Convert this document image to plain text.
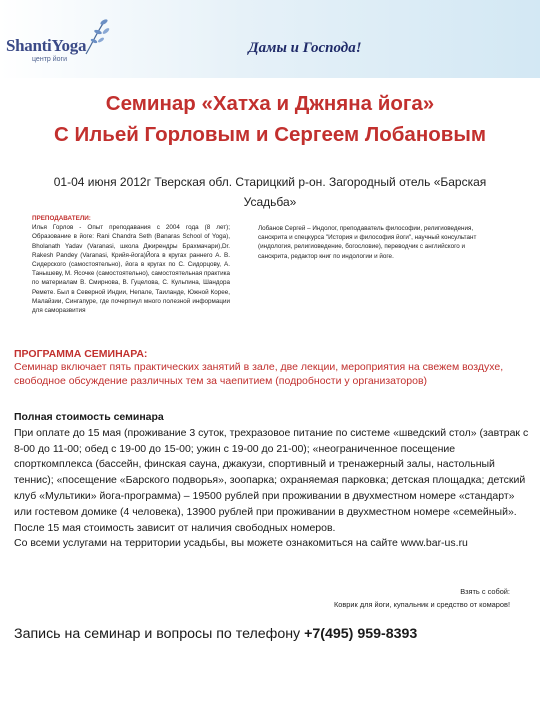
ShantiYoga
центр йоги
Дамы и Господа!
Семинар «Хатха и Джняна йога»
С Ильей Горловым и Сергеем Лобановым
01-04 июня 2012г Тверская обл. Старицкий р-он. Загородный отель «Барская Усадьба»
ПРЕПОДАВАТЕЛИ:
Илья Горлов - Опыт преподавания с 2004 года (8 лет); Образование в йоге: Rani Chandra Seth (Banaras School of Yoga), Bholanath Yadav (Varanasi, школа Джирендры Брахмачари),Dr. Rakesh Pandey (Varanasi, Крийя-йога)Йога в кругах раннего А. В. Сидерского (самостоятельно), йога в кругах по С. Сидорцову, А. Танышеву, М. Ясочке (самостоятельно), самостоятельная практика по материалам В. Смирнова, В. Гуцелова, С. Кульпина, Шандора Ремете. Был в Северной Индии, Непале, Таиланде, Южной Корее, Малайзии, Сингапуре, где почерпнул много полезной информации для саморазвития
Лобанов Сергей – Индолог, преподаватель философии, религиоведения, санскрита и спецкурса "История и философия йоги", научный консультант (индология, религиоведение, богословие), переводчик с английского и санскрита, редактор книг по индологии и йоге.
ПРОГРАММА СЕМИНАРА:
Семинар включает пять практических занятий в зале, две лекции, мероприятия на свежем воздухе, свободное обсуждение различных тем за чаепитием (подробности у организаторов)

Полная стоимость семинара

При оплате до 15 мая (проживание 3 суток, трехразовое питание по системе «шведский стол» (завтрак с 8-00 до 11-00; обед с 19-00 до 15-00; ужин с 19-00 до 21-00); «неограниченное посещение спорткомплекса (бассейн, финская сауна, джакузи, спортивный и тренажерный залы, настольный теннис); «посещение «Барского подворья», зоопарка; охраняемая парковка; детская площадка; детский клуб «Мультики» йога-программа) – 19500 рублей при проживании в двухместном номере «стандарт» или гостевом домике (4 человека), 13900 рублей при проживании в двухместном номере «семейный».

После 15 мая стоимость зависит от наличия свободных номеров.

Со всеми услугами на территории усадьбы, вы можете ознакомиться на сайте www.bar-us.ru

Взять с собой:
Коврик для йоги, купальник и средство от комаров!
Запись на семинар и вопросы по телефону +7(495) 959-8393
